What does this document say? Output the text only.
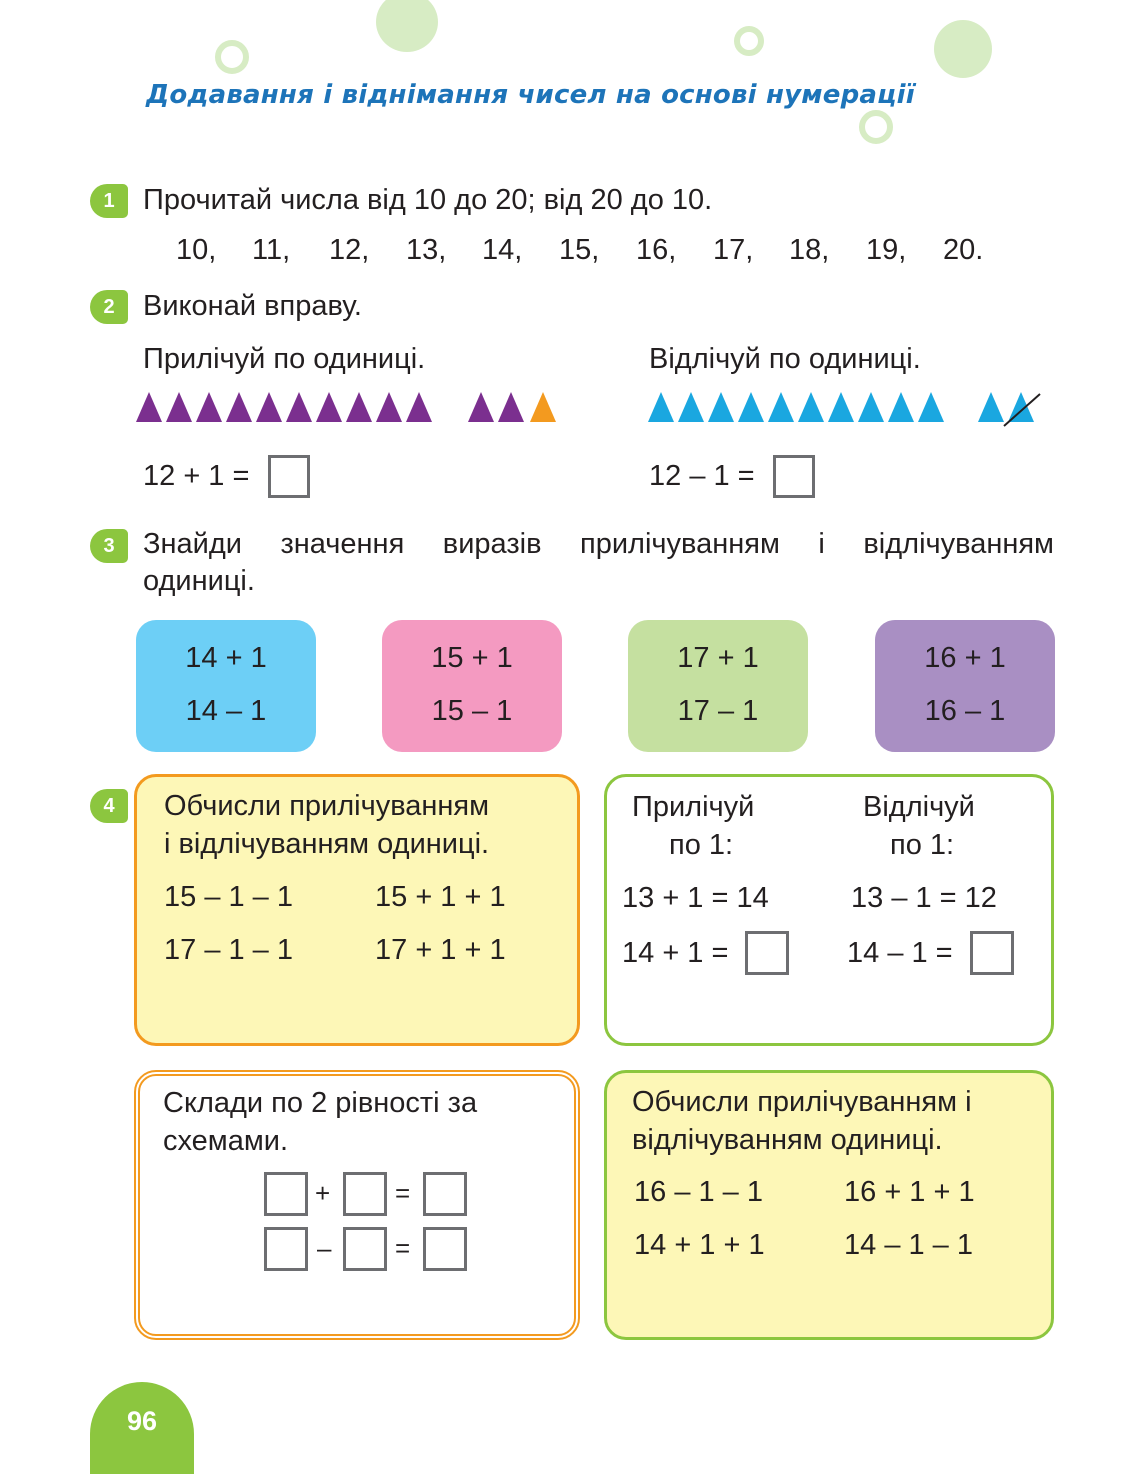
Додавання і віднімання чисел на основі нумерації
1 Прочитай числа від 10 до 20; від 20 до 10.
10, 11, 12, 13, 14, 15, 16, 17, 18, 19, 20.
2 Виконай вправу.
Прилічуй по одиниці.	Відлічуй по одиниці.
12 + 1 =	12 – 1 =
3 Знайди значення виразів прилічуванням і відлічуванням
одиниці.
14 + 1
14 – 1
15 + 1
15 – 1
17 + 1
17 – 1
16 + 1
16 – 1
4	Обчисли прилічуванням
і відлічуванням одиниці.
15 – 1 – 1	15 + 1 + 1
17 – 1 – 1	17 + 1 + 1
Прилічуй
по 1:
Відлічуй
по 1:
13 + 1 = 14	13 – 1 = 12
14 + 1 =	14 – 1 =
Склади по 2 рівності за
схемами.
+ =
– =
Обчисли прилічуванням і
відлічуванням одиниці.
16 – 1 – 1	16 + 1 + 1
14 + 1 + 1	14 – 1 – 1
96
